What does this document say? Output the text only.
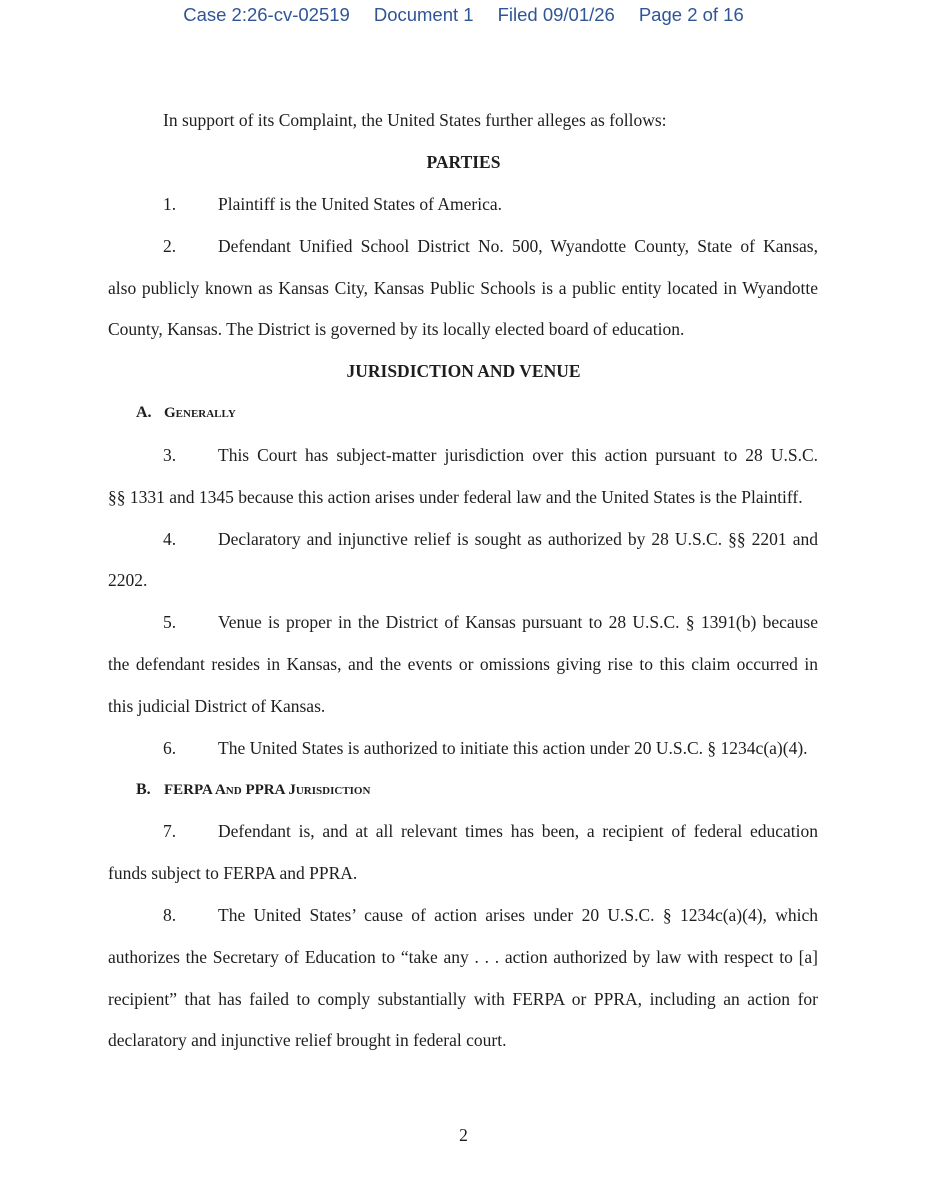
Case 2:26-cv-02519 Document 1 Filed 09/01/26 Page 2 of 16
In support of its Complaint, the United States further alleges as follows:
PARTIES
1. Plaintiff is the United States of America.
2. Defendant Unified School District No. 500, Wyandotte County, State of Kansas,
also publicly known as Kansas City, Kansas Public Schools is a public entity located in Wyandotte
County, Kansas. The District is governed by its locally elected board of education.
JURISDICTION AND VENUE
A. Generally
3. This Court has subject-matter jurisdiction over this action pursuant to 28 U.S.C.
§§ 1331 and 1345 because this action arises under federal law and the United States is the Plaintiff.
4. Declaratory and injunctive relief is sought as authorized by 28 U.S.C. §§ 2201 and
2202.
5. Venue is proper in the District of Kansas pursuant to 28 U.S.C. § 1391(b) because
the defendant resides in Kansas, and the events or omissions giving rise to this claim occurred in
this judicial District of Kansas.
6. The United States is authorized to initiate this action under 20 U.S.C. § 1234c(a)(4).
B. FERPA And PPRA Jurisdiction
7. Defendant is, and at all relevant times has been, a recipient of federal education
funds subject to FERPA and PPRA.
8. The United States’ cause of action arises under 20 U.S.C. § 1234c(a)(4), which
authorizes the Secretary of Education to “take any . . . action authorized by law with respect to [a]
recipient” that has failed to comply substantially with FERPA or PPRA, including an action for
declaratory and injunctive relief brought in federal court.
2
